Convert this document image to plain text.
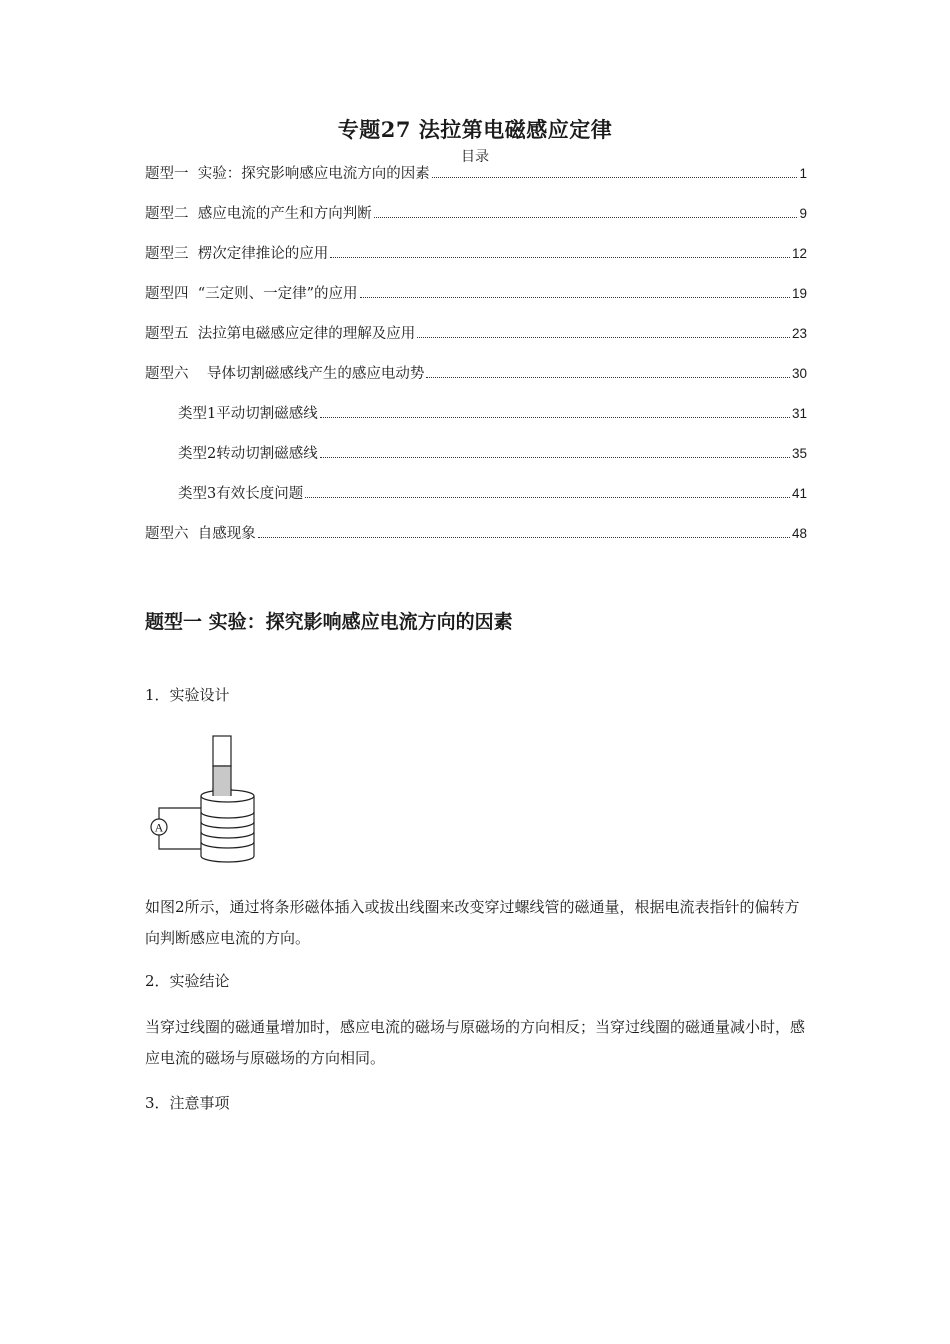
专题27 法拉第电磁感应定律
目录
题型一  实验：探究影响感应电流方向的因素	1
题型二  感应电流的产生和方向判断	9
题型三  楞次定律推论的应用	12
题型四  “三定则、一定律”的应用	19
题型五  法拉第电磁感应定律的理解及应用	23
题型六    导体切割磁感线产生的感应电动势	30
类型1平动切割磁感线	31
类型2转动切割磁感线	35
类型3有效长度问题	41
题型六  自感现象	48
题型一 实验：探究影响感应电流方向的因素
1．实验设计
A
如图2所示，通过将条形磁体插入或拔出线圈来改变穿过螺线管的磁通量，根据电流表指针的偏转方向判断感应电流的方向。
2．实验结论
当穿过线圈的磁通量增加时，感应电流的磁场与原磁场的方向相反；当穿过线圈的磁通量减小时，感应电流的磁场与原磁场的方向相同。
3．注意事项
